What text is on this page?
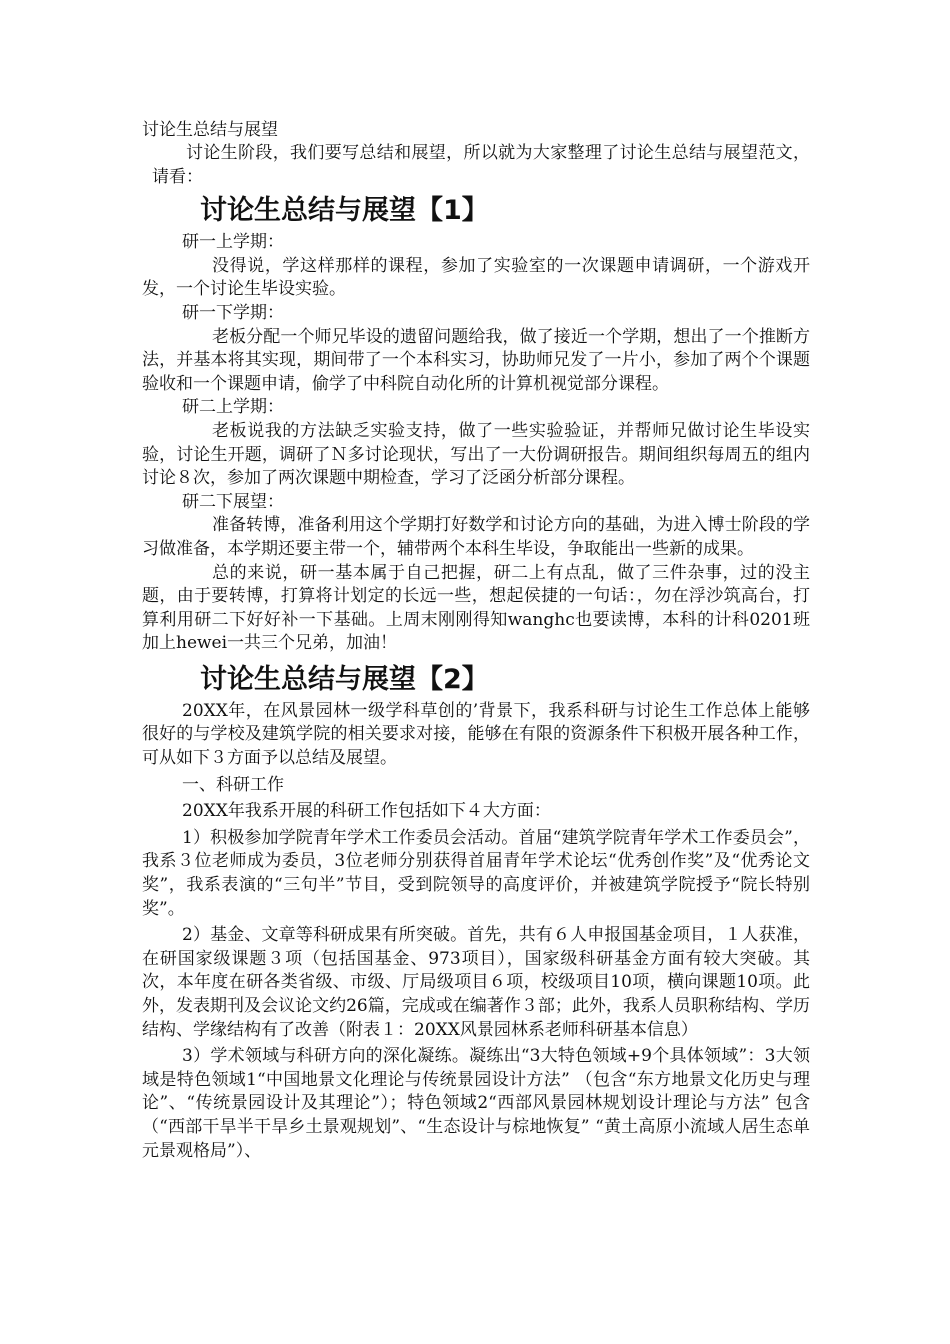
讨论生总结与展望

讨论生阶段，我们要写总结和展望，所以就为大家整理了讨论生总结与展望范文，请看：

讨论生总结与展望【1】

研一上学期：

没得说，学这样那样的课程，参加了实验室的一次课题申请调研，一个游戏开发，一个讨论生毕设实验。

研一下学期：

老板分配一个师兄毕设的遗留问题给我，做了接近一个学期，想出了一个推断方法，并基本将其实现，期间带了一个本科实习，协助师兄发了一片小，参加了两个个课题验收和一个课题申请，偷学了中科院自动化所的计算机视觉部分课程。

研二上学期：

老板说我的方法缺乏实验支持，做了一些实验验证，并帮师兄做讨论生毕设实验，讨论生开题，调研了Ｎ多讨论现状，写出了一大份调研报告。期间组织每周五的组内讨论８次，参加了两次课题中期检查，学习了泛函分析部分课程。

研二下展望：

准备转博，准备利用这个学期打好数学和讨论方向的基础，为进入博士阶段的学习做准备，本学期还要主带一个，辅带两个本科生毕设，争取能出一些新的成果。

总的来说，研一基本属于自己把握，研二上有点乱，做了三件杂事，过的没主题，由于要转博，打算将计划定的长远一些，想起侯捷的一句话：，勿在浮沙筑高台，打算利用研二下好好补一下基础。上周末刚刚得知wanghc也要读博，本科的计科0201班加上hewei一共三个兄弟，加油！

讨论生总结与展望【2】

20XX年，在风景园林一级学科草创的’背景下，我系科研与讨论生工作总体上能够很好的与学校及建筑学院的相关要求对接，能够在有限的资源条件下积极开展各种工作，可从如下３方面予以总结及展望。

一、科研工作

20XX年我系开展的科研工作包括如下４大方面：

1）积极参加学院青年学术工作委员会活动。首届“建筑学院青年学术工作委员会”，我系３位老师成为委员，3位老师分别获得首届青年学术论坛“优秀创作奖”及“优秀论文奖”，我系表演的“三句半”节目，受到院领导的高度评价，并被建筑学院授予“院长特别奖”。

2）基金、文章等科研成果有所突破。首先，共有６人申报国基金项目，１人获准，在研国家级课题３项（包括国基金、973项目），国家级科研基金方面有较大突破。其次，本年度在研各类省级、市级、厅局级项目６项，校级项目10项，横向课题10项。此外，发表期刊及会议论文约26篇，完成或在编著作３部；此外，我系人员职称结构、学历结构、学缘结构有了改善（附表１：20XX风景园林系老师科研基本信息）

3）学术领域与科研方向的深化凝练。凝练出“3大特色领域+9个具体领域”：3大领域是特色领域1“中国地景文化理论与传统景园设计方法” （包含“东方地景文化历史与理论”、“传统景园设计及其理论”）；特色领域2“西部风景园林规划设计理论与方法” 包含（“西部干旱半干旱乡土景观规划”、“生态设计与棕地恢复” “黄土高原小流域人居生态单元景观格局”）、
